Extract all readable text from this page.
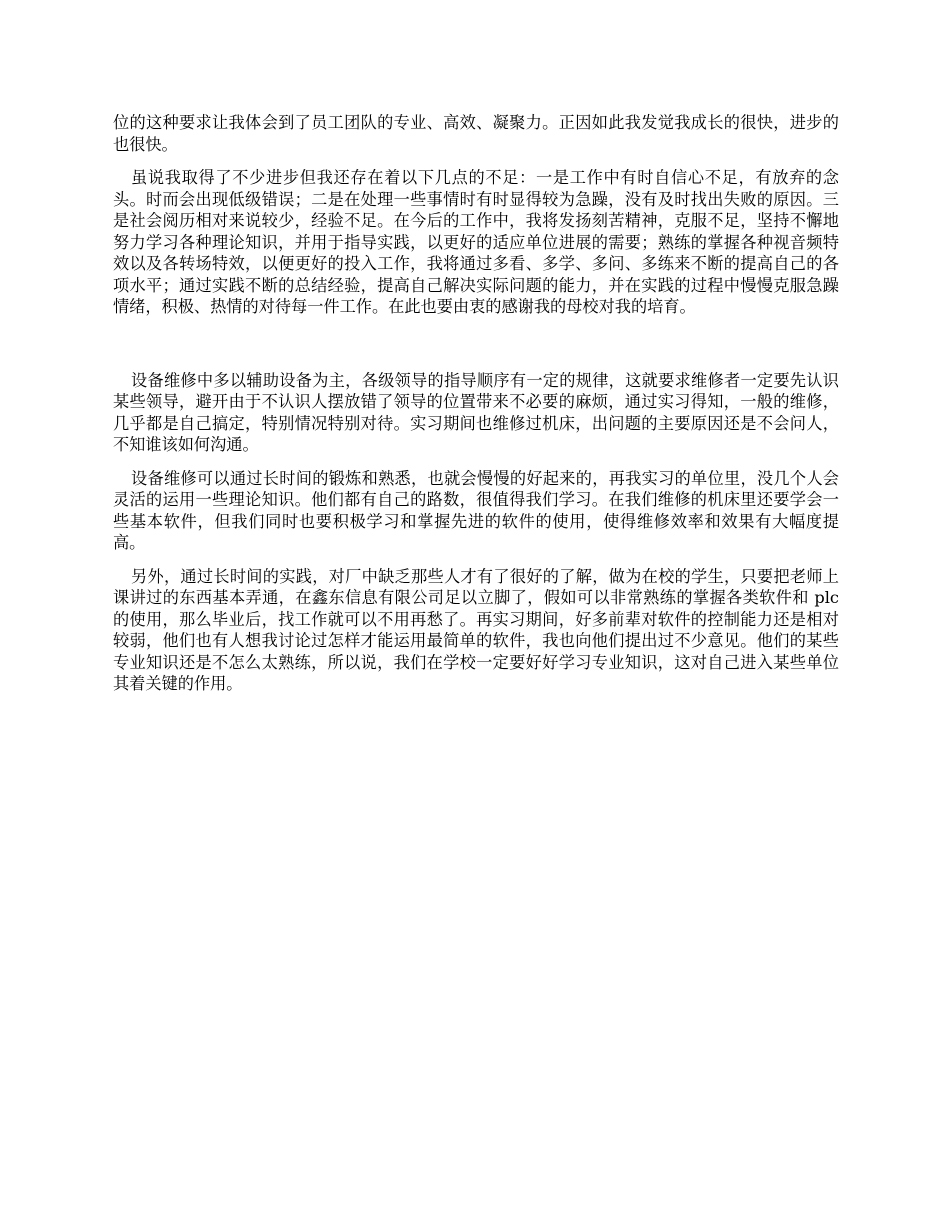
位的这种要求让我体会到了员工团队的专业、高效、凝聚力。正因如此我发觉我成长的很快，进步的也很快。

虽说我取得了不少进步但我还存在着以下几点的不足：一是工作中有时自信心不足，有放弃的念头。时而会出现低级错误；二是在处理一些事情时有时显得较为急躁，没有及时找出失败的原因。三是社会阅历相对来说较少，经验不足。在今后的工作中，我将发扬刻苦精神，克服不足，坚持不懈地努力学习各种理论知识，并用于指导实践，以更好的适应单位进展的需要；熟练的掌握各种视音频特效以及各转场特效，以便更好的投入工作，我将通过多看、多学、多问、多练来不断的提高自己的各项水平；通过实践不断的总结经验，提高自己解决实际问题的能力，并在实践的过程中慢慢克服急躁情绪，积极、热情的对待每一件工作。在此也要由衷的感谢我的母校对我的培育。

设备维修中多以辅助设备为主，各级领导的指导顺序有一定的规律，这就要求维修者一定要先认识某些领导，避开由于不认识人摆放错了领导的位置带来不必要的麻烦，通过实习得知，一般的维修，几乎都是自己搞定，特别情况特别对待。实习期间也维修过机床，出问题的主要原因还是不会问人，不知谁该如何沟通。

设备维修可以通过长时间的锻炼和熟悉，也就会慢慢的好起来的，再我实习的单位里，没几个人会灵活的运用一些理论知识。他们都有自己的路数，很值得我们学习。在我们维修的机床里还要学会一些基本软件，但我们同时也要积极学习和掌握先进的软件的使用，使得维修效率和效果有大幅度提高。

另外，通过长时间的实践，对厂中缺乏那些人才有了很好的了解，做为在校的学生，只要把老师上课讲过的东西基本弄通，在鑫东信息有限公司足以立脚了，假如可以非常熟练的掌握各类软件和 plc 的使用，那么毕业后，找工作就可以不用再愁了。再实习期间，好多前辈对软件的控制能力还是相对较弱，他们也有人想我讨论过怎样才能运用最简单的软件，我也向他们提出过不少意见。他们的某些专业知识还是不怎么太熟练，所以说，我们在学校一定要好好学习专业知识，这对自己进入某些单位其着关键的作用。
